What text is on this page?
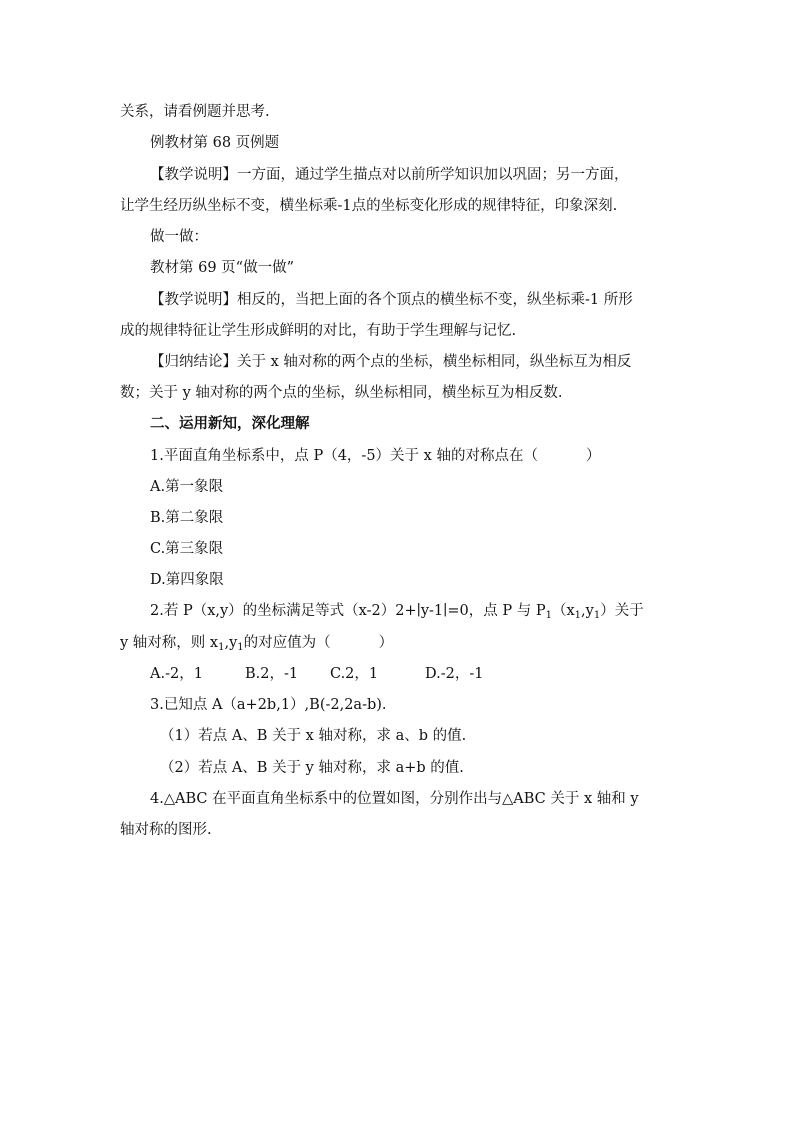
关系，请看例题并思考.
例教材第 68 页例题
【教学说明】一方面，通过学生描点对以前所学知识加以巩固；另一方面，
让学生经历纵坐标不变，横坐标乘-1点的坐标变化形成的规律特征，印象深刻.
做一做：
教材第 69 页“做一做”
【教学说明】相反的，当把上面的各个顶点的横坐标不变，纵坐标乘-1 所形
成的规律特征让学生形成鲜明的对比，有助于学生理解与记忆.
【归纳结论】关于 x 轴对称的两个点的坐标，横坐标相同，纵坐标互为相反
数；关于 y 轴对称的两个点的坐标，纵坐标相同，横坐标互为相反数.
二、运用新知，深化理解
1.平面直角坐标系中，点 P（4，-5）关于 x 轴的对称点在（	）
A.第一象限
B.第二象限
C.第三象限
D.第四象限
2.若 P（x,y）的坐标满足等式（x-2）2+∣y-1∣=0，点 P 与 $P_1(x_1,y_1)$关于
y 轴对称，则 $x_1,y_1$的对应值为（	）
A.-2，1	B.2，-1 C.2，1	D.-2，-1
3.已知点 A（a+2b,1）,B(-2,2a-b).
（1）若点 A、B 关于 x 轴对称，求 a、b 的值.
（2）若点 A、B 关于 y 轴对称，求 a+b 的值.
4.△ABC 在平面直角坐标系中的位置如图，分别作出与△ABC 关于 x 轴和 y
轴对称的图形.
